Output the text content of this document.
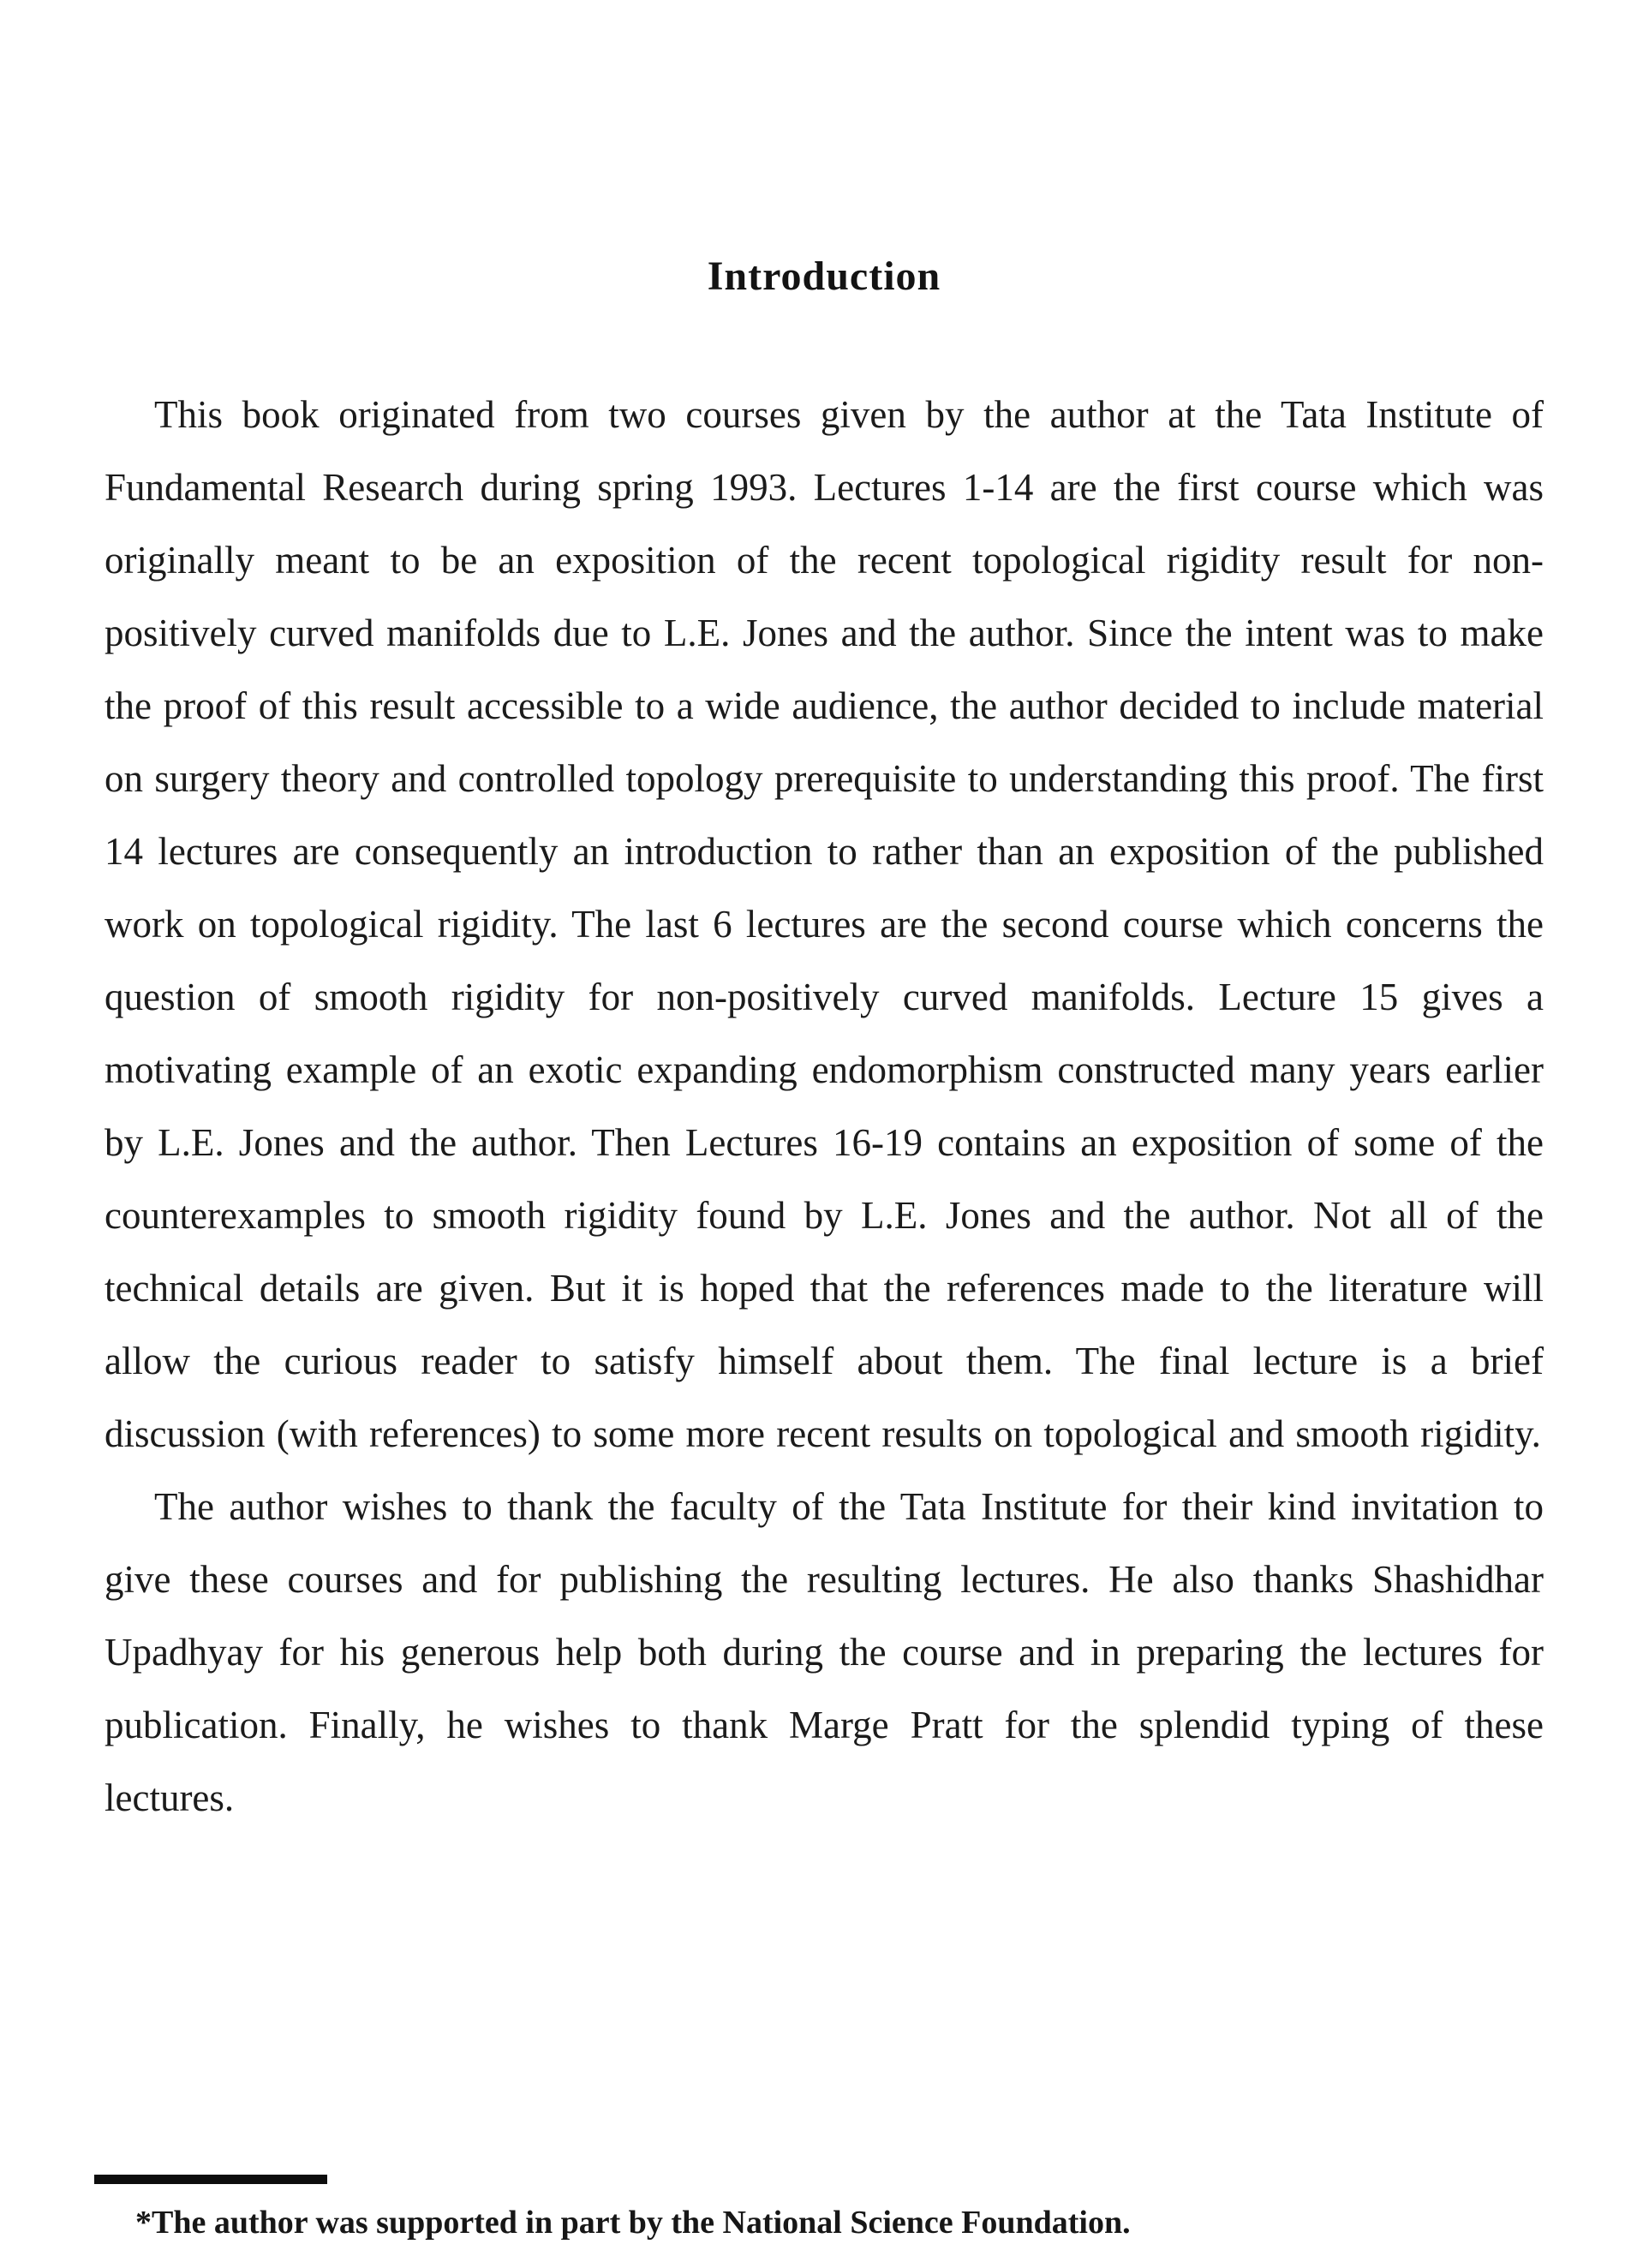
Introduction

This book originated from two courses given by the author at the Tata Institute of Fundamental Research during spring 1993. Lectures 1-14 are the first course which was originally meant to be an exposition of the recent topological rigidity result for non-positively curved manifolds due to L.E. Jones and the author. Since the intent was to make the proof of this result accessible to a wide audience, the author decided to include material on surgery theory and controlled topology prerequisite to understanding this proof. The first 14 lectures are consequently an introduction to rather than an exposition of the published work on topological rigidity. The last 6 lectures are the second course which concerns the question of smooth rigidity for non-positively curved manifolds. Lecture 15 gives a motivating example of an exotic expanding endomorphism constructed many years earlier by L.E. Jones and the author. Then Lectures 16-19 contains an exposition of some of the counterexamples to smooth rigidity found by L.E. Jones and the author. Not all of the technical details are given. But it is hoped that the references made to the literature will allow the curious reader to satisfy himself about them. The final lecture is a brief discussion (with references) to some more recent results on topological and smooth rigidity.

The author wishes to thank the faculty of the Tata Institute for their kind invitation to give these courses and for publishing the resulting lectures. He also thanks Shashidhar Upadhyay for his generous help both during the course and in preparing the lectures for publication. Finally, he wishes to thank Marge Pratt for the splendid typing of these lectures.

*The author was supported in part by the National Science Foundation.
